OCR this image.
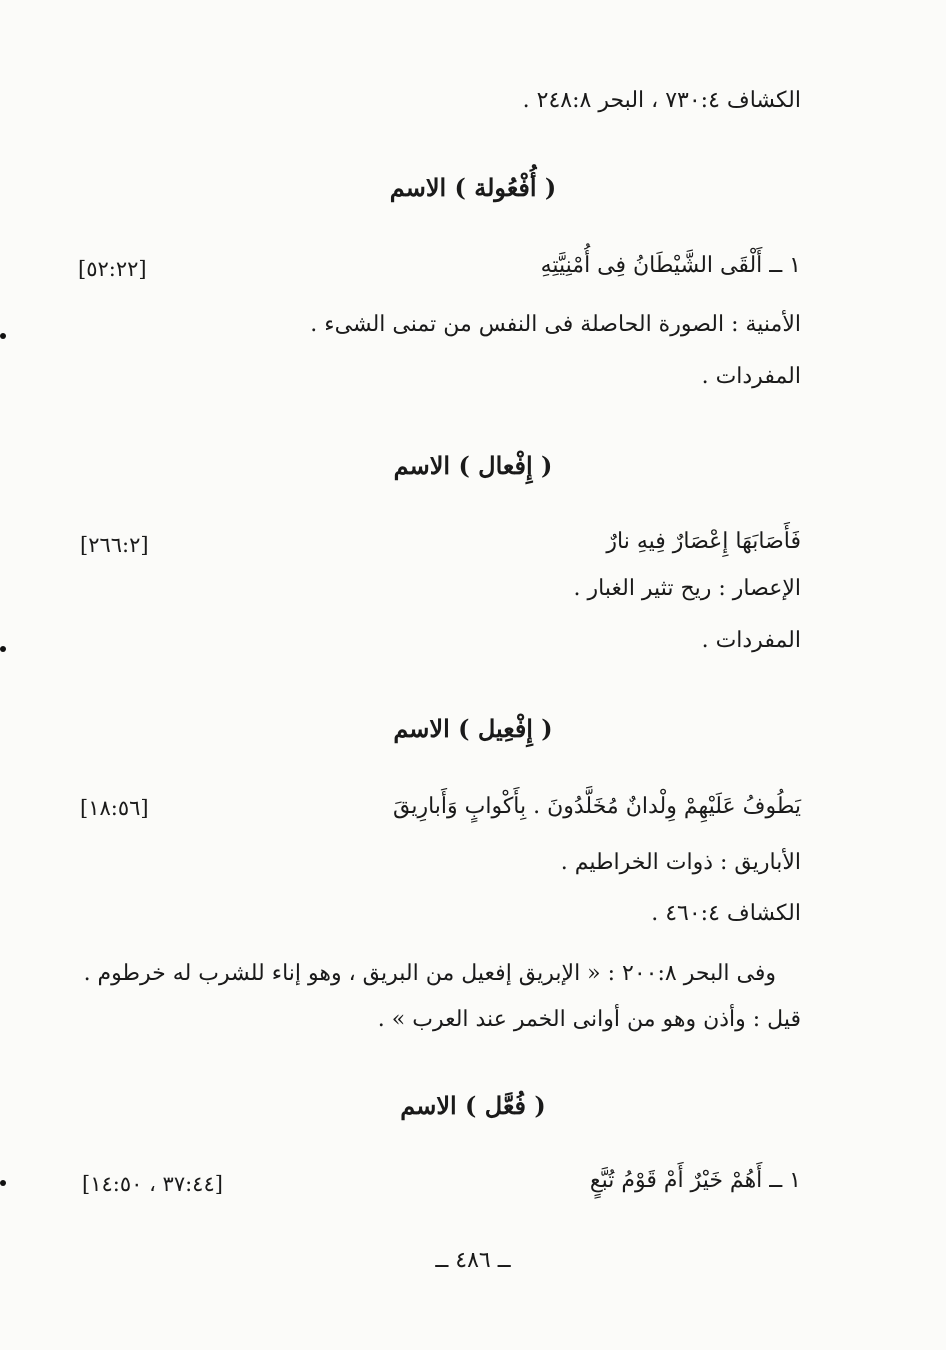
الكشاف ٧٣٠:٤ ، البحر ٢٤٨:٨ .
( أُفْعُولة ) الاسم
١ ــ أَلْقَى الشَّيْطَانُ فِى أُمْنِيَّتِهِ
[٥٢:٢٢]
الأمنية : الصورة الحاصلة فى النفس من تمنى الشىء .
المفردات .
( إِفْعال ) الاسم
فَأَصَابَهَا إِعْصَارٌ فِيهِ نارٌ
[٢٦٦:٢]
الإعصار : ريح تثير الغبار .
المفردات .
( إِفْعِيل ) الاسم
يَطُوفُ عَلَيْهِمْ وِلْدانٌ مُخَلَّدُونَ . بِأَكْوابٍ وَأَبارِيقَ
[١٨:٥٦]
الأباريق : ذوات الخراطيم .
الكشاف ٤٦٠:٤ .
وفى البحر ٢٠٠:٨ : « الإبريق إفعيل من البريق ، وهو إناء للشرب له خرطوم .
قيل : وأذن وهو من أوانى الخمر عند العرب » .
( فُعَّل ) الاسم
١ ــ أَهُمْ خَيْرٌ أَمْ قَوْمُ تُبَّعٍ
[٣٧:٤٤ ، ١٤:٥٠]
ــ ٤٨٦ ــ
